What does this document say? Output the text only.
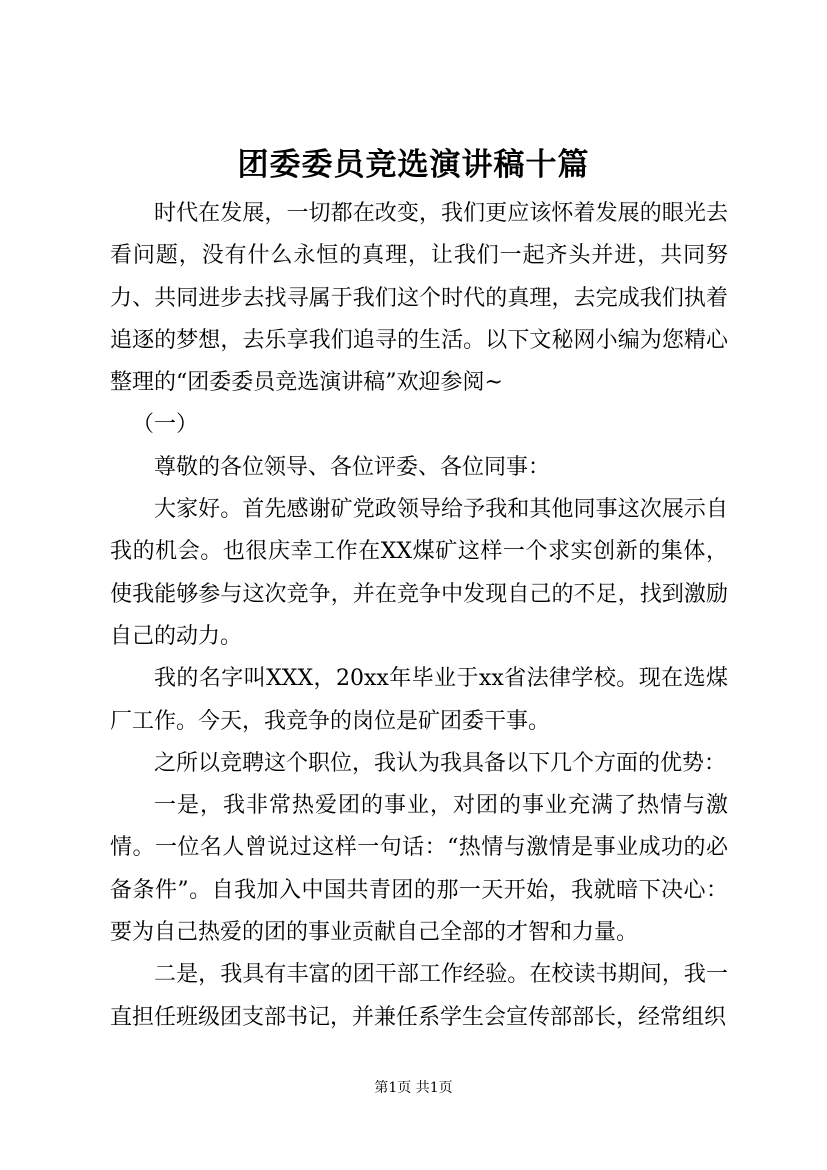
团委委员竞选演讲稿十篇

时代在发展，一切都在改变，我们更应该怀着发展的眼光去看问题，没有什么永恒的真理，让我们一起齐头并进，共同努力、共同进步去找寻属于我们这个时代的真理，去完成我们执着追逐的梦想，去乐享我们追寻的生活。以下文秘网小编为您精心整理的“团委委员竞选演讲稿”欢迎参阅~

（一）

尊敬的各位领导、各位评委、各位同事：

大家好。首先感谢矿党政领导给予我和其他同事这次展示自我的机会。也很庆幸工作在XX煤矿这样一个求实创新的集体，使我能够参与这次竞争，并在竞争中发现自己的不足，找到激励自己的动力。

我的名字叫XXX，20xx年毕业于xx省法律学校。现在选煤厂工作。今天，我竞争的岗位是矿团委干事。

之所以竞聘这个职位，我认为我具备以下几个方面的优势：

一是，我非常热爱团的事业，对团的事业充满了热情与激情。一位名人曾说过这样一句话：“热情与激情是事业成功的必备条件”。自我加入中国共青团的那一天开始，我就暗下决心：要为自己热爱的团的事业贡献自己全部的才智和力量。

二是，我具有丰富的团干部工作经验。在校读书期间，我一直担任班级团支部书记，并兼任系学生会宣传部部长，经常组织

第1页 共1页
